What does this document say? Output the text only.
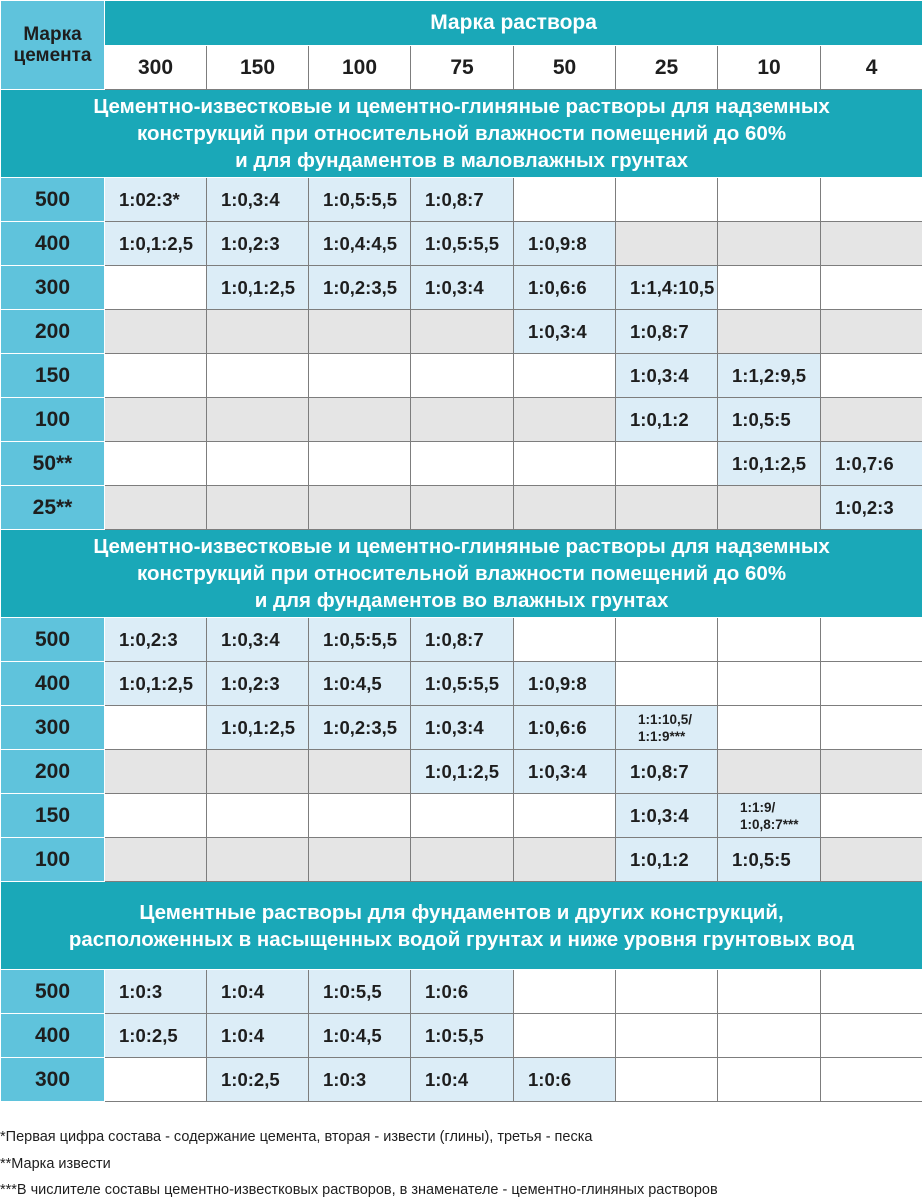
Марка
цемента	Марка раствора							
	300	150	100	75	50	25	10	4

Цементно-известковые и цементно-глиняные растворы для надземных
конструкций при относительной влажности помещений до 60%
и для фундаментов в маловлажных грунтах								

500	1:02:3*	1:0,3:4	1:0,5:5,5	1:0,8:7				
400	1:0,1:2,5	1:0,2:3	1:0,4:4,5	1:0,5:5,5	1:0,9:8			
300		1:0,1:2,5	1:0,2:3,5	1:0,3:4	1:0,6:6	1:1,4:10,5		
200					1:0,3:4	1:0,8:7		
150						1:0,3:4	1:1,2:9,5	
100						1:0,1:2	1:0,5:5	
50**							1:0,1:2,5	1:0,7:6
25**								1:0,2:3

Цементно-известковые и цементно-глиняные растворы для надземных
конструкций при относительной влажности помещений до 60%
и для фундаментов во влажных грунтах								

500	1:0,2:3	1:0,3:4	1:0,5:5,5	1:0,8:7				
400	1:0,1:2,5	1:0,2:3	1:0:4,5	1:0,5:5,5	1:0,9:8			
300		1:0,1:2,5	1:0,2:3,5	1:0,3:4	1:0,6:6	1:1:10,5/
1:1:9***		

200				1:0,1:2,5	1:0,3:4	1:0,8:7		
150						1:0,3:4	1:1:9/
1:0,8:7***	

100						1:0,1:2	1:0,5:5	

Цементные растворы для фундаментов и других конструкций,
расположенных в насыщенных водой грунтах и ниже уровня грунтовых вод								

500	1:0:3	1:0:4	1:0:5,5	1:0:6				
400	1:0:2,5	1:0:4	1:0:4,5	1:0:5,5				
300		1:0:2,5	1:0:3	1:0:4	1:0:6			
*Первая цифра состава - содержание цемента, вторая - извести (глины), третья - песка
**Марка извести
***В числителе составы цементно-известковых растворов, в знаменателе - цементно-глиняных растворов
